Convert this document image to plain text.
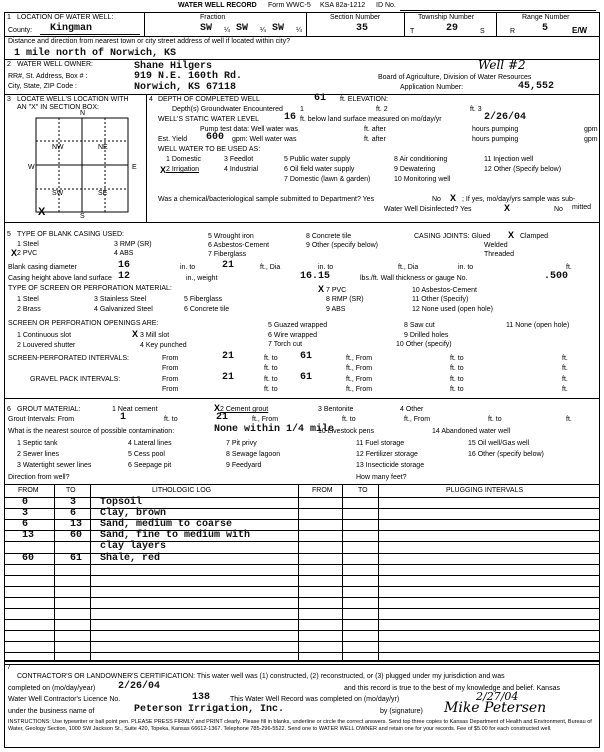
WATER WELL RECORD Form WWC-5 KSA 82a-1212 ID No.
1 LOCATION OF WATER WELL:
County: Kingman
Fraction
SW ¼ SW ¼ SW ¼
Section Number
35
Township Number
T	29	S
Range Number
R	5	E/W
Distance and direction from nearest town or city street address of well if located within city?
1 mile north of Norwich, KS
2 WATER WELL OWNER:	Shane Hilgers	Well #2
RR#, St. Address, Box # :	919 N.E. 160th Rd.
City, State, ZIP Code :	Norwich, KS 67118
Board of Agriculture, Division of Water Resources
Application Number:	45,552
3 LOCATE WELL'S LOCATION WITH
AN "X" IN SECTION BOX:
N
S
W	E
NW	NE
SW	SE
X
4 DEPTH OF COMPLETED WELL	61 ft. ELEVATION:
Depth(s) Groundwater Encountered 1	ft. 2	ft. 3
WELL'S STATIC WATER LEVEL 16 ft. below land surface measured on mo/day/yr	2/26/04
Pump test data: Well water was	ft. after	hours pumping	gpm
Est. Yield 600 gpm: Well water was	ft. after	hours pumping	gpm
WELL WATER TO BE USED AS:
1 Domestic	3 Feedlot	5 Public water supply	8 Air conditioning	11 Injection well
X 2 Irrigation	4 Industrial	6 Oil field water supply	9 Dewatering	12 Other (Specify below)
7 Domestic (lawn & garden)	10 Monitoring well
Was a chemical/bacteriological sample submitted to Department? Yes	No X ; If yes, mo/day/yrs sample was sub-
mitted
Water Well Disinfected? Yes	X	No
5 TYPE OF BLANK CASING USED:
1 Steel	3 RMP (SR)
5 Wrought iron	8 Concrete tile
X 2 PVC	4 ABS
6 Asbestos-Cement	9 Other (specify below)
7 Fiberglass
CASING JOINTS: Glued X Clamped
Welded
Threaded
Blank casing diameter	16	in. to	21	ft., Dia	in. to	ft., Dia	in. to	ft.
Casing height above land surface 12	in., weight	16.15	lbs./ft. Wall thickness or gauge No.	.500
TYPE OF SCREEN OR PERFORATION MATERIAL:
1 Steel	3 Stainless Steel	5 Fiberglass
X 7 PVC	10 Asbestos-Cement
2 Brass	4 Galvanized Steel	6 Concrete tile
8 RMP (SR)	11 Other (Specify)
9 ABS	12 None used (open hole)
SCREEN OR PERFORATION OPENINGS ARE:
1 Continuous slot	X 3 Mill slot
5 Guazed wrapped	8 Saw cut	11 None (open hole)
2 Louvered shutter	4 Key punched
6 Wire wrapped	9 Drilled holes
7 Torch cut	10 Other (specify)
SCREEN-PERFORATED INTERVALS:	From	21	ft. to 61	ft., From	ft. to	ft.
From	ft. to	ft., From	ft. to	ft.
GRAVEL PACK INTERVALS:	From	21	ft. to 61	ft., From	ft. to	ft.
From	ft. to	ft., From	ft. to	ft.
6 GROUT MATERIAL:	1 Neat cement	X 2 Cement grout	3 Bentonite	4 Other
Grout Intervals: From	1	ft. to	21	ft., From	ft. to	ft., From	ft. to	ft.
What is the nearest source of possible contamination:	None within 1/4 mile
1 Septic tank	4 Lateral lines	7 Pit privy
10 Livestock pens	14 Abandoned water well
2 Sewer lines	5 Cess pool	8 Sewage lagoon
11 Fuel storage	15 Oil well/Gas well
3 Watertight sewer lines	6 Seepage pit	9 Feedyard
12 Fertilizer storage	16 Other (specify below)
13 Insecticide storage
Direction from well?	How many feet?
FROM	TO	LITHOLOGIC LOG	FROM	TO	PLUGGING INTERVALS
0	3 Topsoil
3	6 Clay, brown
6	13 Sand, medium to coarse
13	60 Sand, fine to medium with
clay layers
60	61 Shale, red
7
CONTRACTOR'S OR LANDOWNER'S CERTIFICATION: This water well was (1) constructed, (2) reconstructed, or (3) plugged under my jurisdiction and was
completed on (mo/day/year) 2/26/04	and this record is true to the best of my knowledge and belief. Kansas
Water Well Contractor's Licence No.	138	This Water Well Record was completed on (mo/day/yr)	2/27/04
under the business name of	Peterson Irrigation, Inc.	by (signature) Mike Petersen
INSTRUCTIONS: Use typewriter or ball point pen. PLEASE PRESS FIRMLY and PRINT clearly. Please fill in blanks, underline or circle the correct answers. Send top three copies to Kansas Department of Health and Environment, Bureau of Water, Geology Section, 1000 SW Jackson St., Suite 420, Topeka, Kansas 66612-1367. Telephone 785-296-5522. Send one to WATER WELL OWNER and retain one for your records. Fee of $5.00 for each constructed well.
